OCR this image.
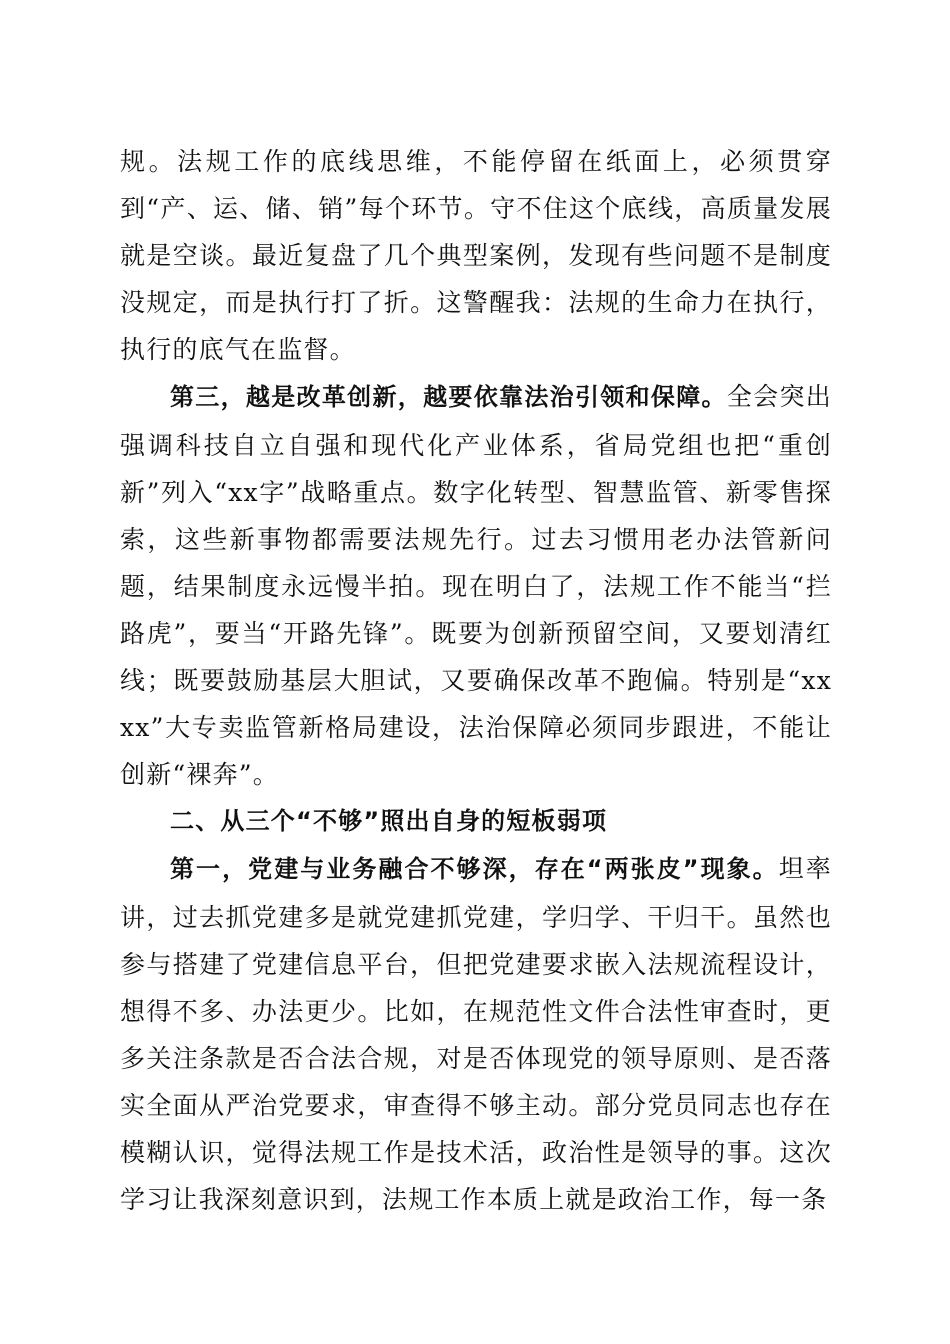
规。法规工作的底线思维，不能停留在纸面上，必须贯穿到“产、运、储、销”每个环节。守不住这个底线，高质量发展就是空谈。最近复盘了几个典型案例，发现有些问题不是制度没规定，而是执行打了折。这警醒我：法规的生命力在执行，执行的底气在监督。

第三，越是改革创新，越要依靠法治引领和保障。全会突出强调科技自立自强和现代化产业体系，省局党组也把“重创新”列入“xx字”战略重点。数字化转型、智慧监管、新零售探索，这些新事物都需要法规先行。过去习惯用老办法管新问题，结果制度永远慢半拍。现在明白了，法规工作不能当“拦路虎”，要当“开路先锋”。既要为创新预留空间，又要划清红线；既要鼓励基层大胆试，又要确保改革不跑偏。特别是“xxxx”大专卖监管新格局建设，法治保障必须同步跟进，不能让创新“裸奔”。

二、从三个“不够”照出自身的短板弱项

第一，党建与业务融合不够深，存在“两张皮”现象。坦率讲，过去抓党建多是就党建抓党建，学归学、干归干。虽然也参与搭建了党建信息平台，但把党建要求嵌入法规流程设计，想得不多、办法更少。比如，在规范性文件合法性审查时，更多关注条款是否合法合规，对是否体现党的领导原则、是否落实全面从严治党要求，审查得不够主动。部分党员同志也存在模糊认识，觉得法规工作是技术活，政治性是领导的事。这次学习让我深刻意识到，法规工作本质上就是政治工作，每一条
